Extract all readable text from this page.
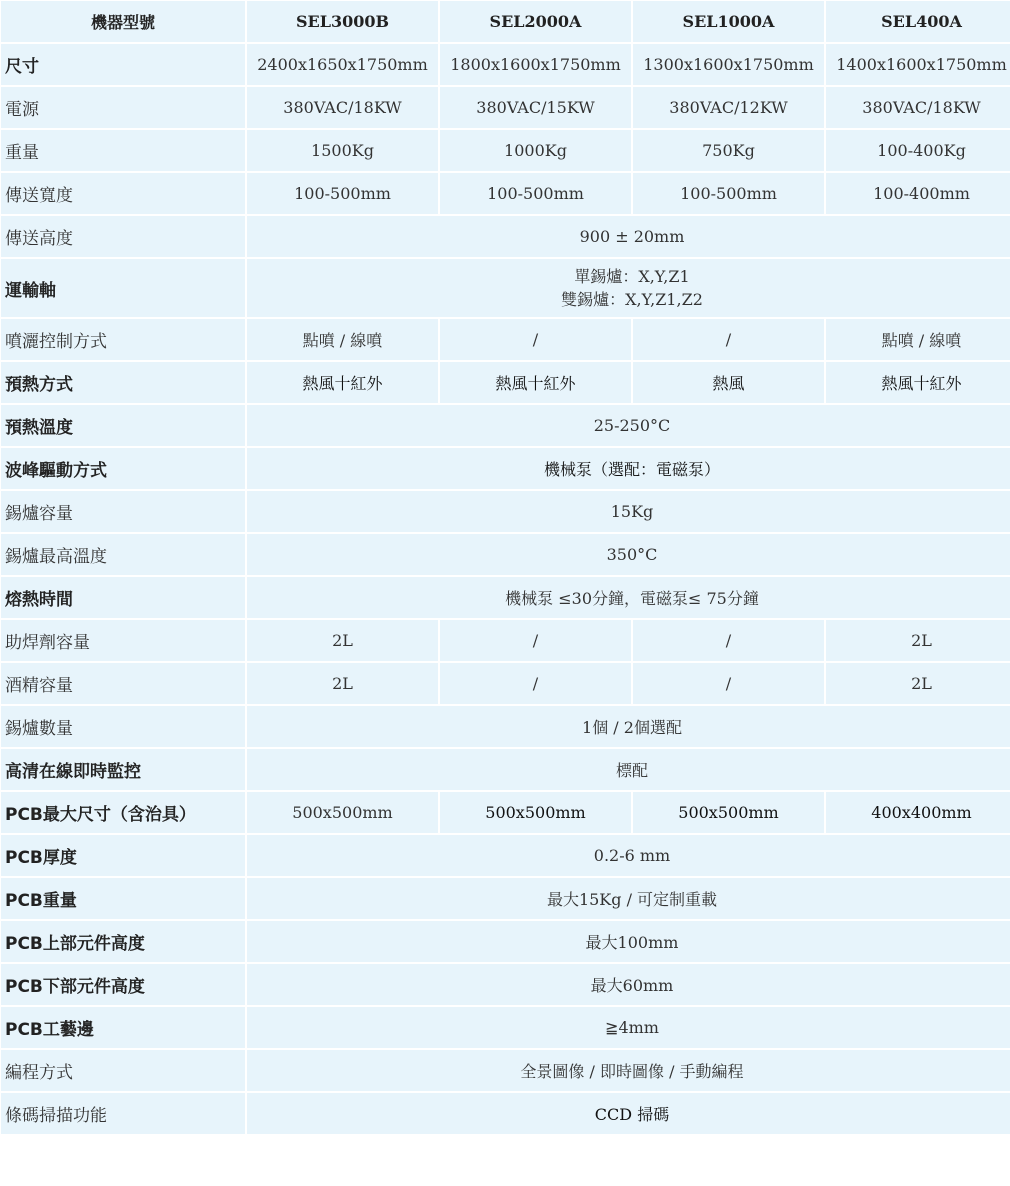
機器型號	SEL3000B	SEL2000A	SEL1000A	SEL400A
尺寸	2400x1650x1750mm	1800x1600x1750mm	1300x1600x1750mm	1400x1600x1750mm
電源	380VAC/18KW	380VAC/15KW	380VAC/12KW	380VAC/18KW
重量	1500Kg	1000Kg	750Kg	100-400Kg
傳送寬度	100-500mm	100-500mm	100-500mm	100-400mm
傳送高度	900 ± 20mm			
運輸軸	單錫爐：X,Y,Z1
雙錫爐：X,Y,Z1,Z2			

噴灑控制方式	點噴 / 線噴	/	/	點噴 / 線噴
預熱方式	熱風十紅外	熱風十紅外	熱風	熱風十紅外
預熱溫度	25-250°C			
波峰驅動方式	機械泵（選配：電磁泵）			
錫爐容量	15Kg			
錫爐最高溫度	350°C			
熔熱時間	機械泵 ≤30分鐘，電磁泵≤ 75分鐘			
助焊劑容量	2L	/	/	2L
酒精容量	2L	/	/	2L
錫爐數量	1個 / 2個選配			
高清在線即時監控	標配			
PCB最大尺寸（含治具）	500x500mm	500x500mm	500x500mm	400x400mm
PCB厚度	0.2-6 mm			
PCB重量	最大15Kg / 可定制重載			
PCB上部元件高度	最大100mm			
PCB下部元件高度	最大60mm			
PCB工藝邊	≧4mm			
編程方式	全景圖像 / 即時圖像 / 手動編程			
條碼掃描功能	CCD 掃碼			
